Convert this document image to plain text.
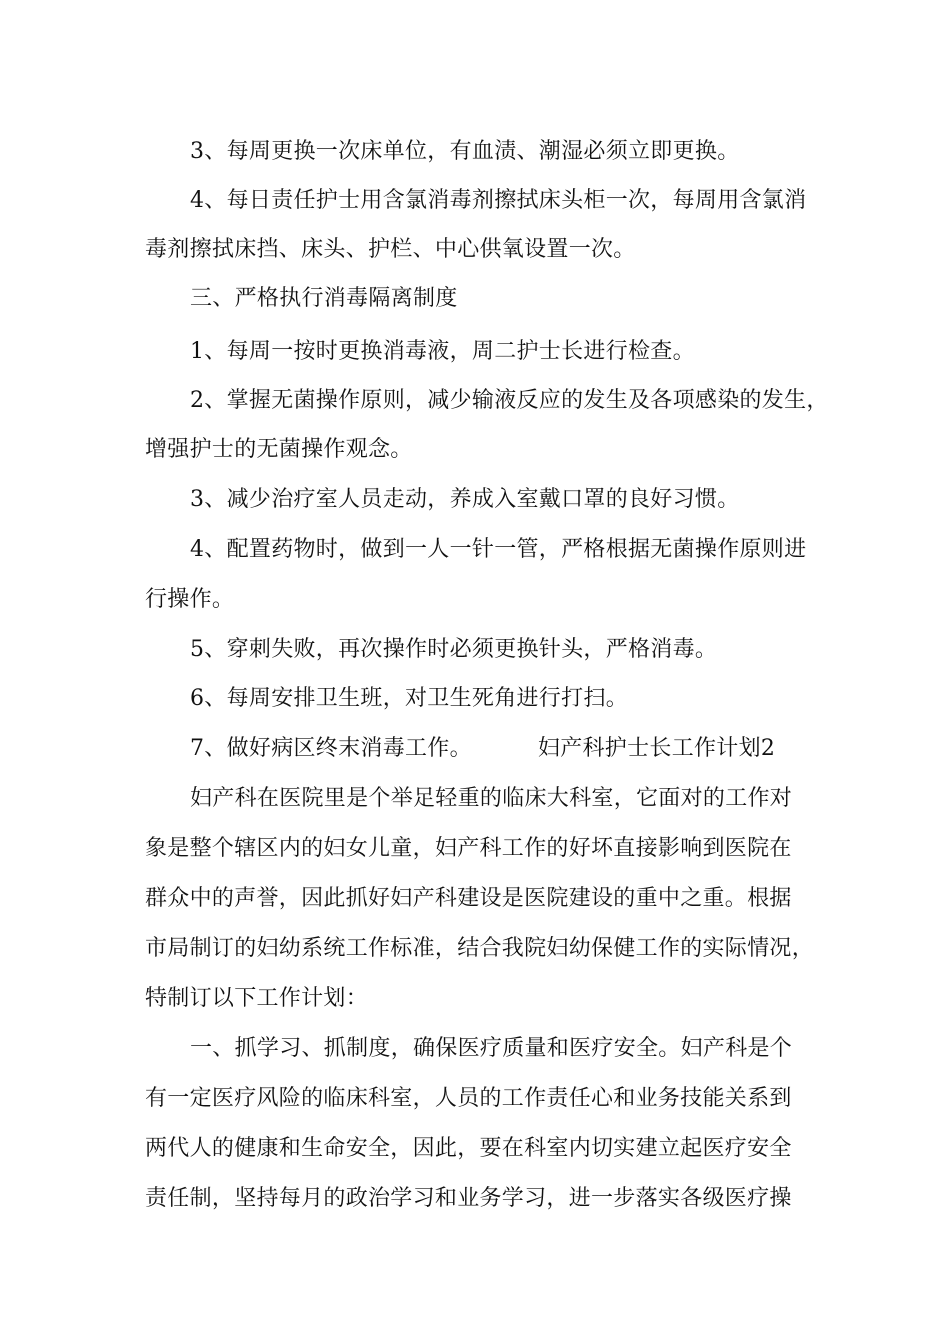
3、每周更换一次床单位，有血渍、潮湿必须立即更换。
4、每日责任护士用含氯消毒剂擦拭床头柜一次，每周用含氯消
毒剂擦拭床挡、床头、护栏、中心供氧设置一次。
三、严格执行消毒隔离制度
1、每周一按时更换消毒液，周二护士长进行检查。
2、掌握无菌操作原则，减少输液反应的发生及各项感染的发生，
增强护士的无菌操作观念。
3、减少治疗室人员走动，养成入室戴口罩的良好习惯。
4、配置药物时，做到一人一针一管，严格根据无菌操作原则进
行操作。
5、穿刺失败，再次操作时必须更换针头，严格消毒。
6、每周安排卫生班，对卫生死角进行打扫。
7、做好病区终末消毒工作。	妇产科护士长工作计划2
妇产科在医院里是个举足轻重的临床大科室，它面对的工作对
象是整个辖区内的妇女儿童，妇产科工作的好坏直接影响到医院在
群众中的声誉，因此抓好妇产科建设是医院建设的重中之重。根据
市局制订的妇幼系统工作标准，结合我院妇幼保健工作的实际情况，
特制订以下工作计划：
一、抓学习、抓制度，确保医疗质量和医疗安全。妇产科是个
有一定医疗风险的临床科室，人员的工作责任心和业务技能关系到
两代人的健康和生命安全，因此，要在科室内切实建立起医疗安全
责任制，坚持每月的政治学习和业务学习，进一步落实各级医疗操
